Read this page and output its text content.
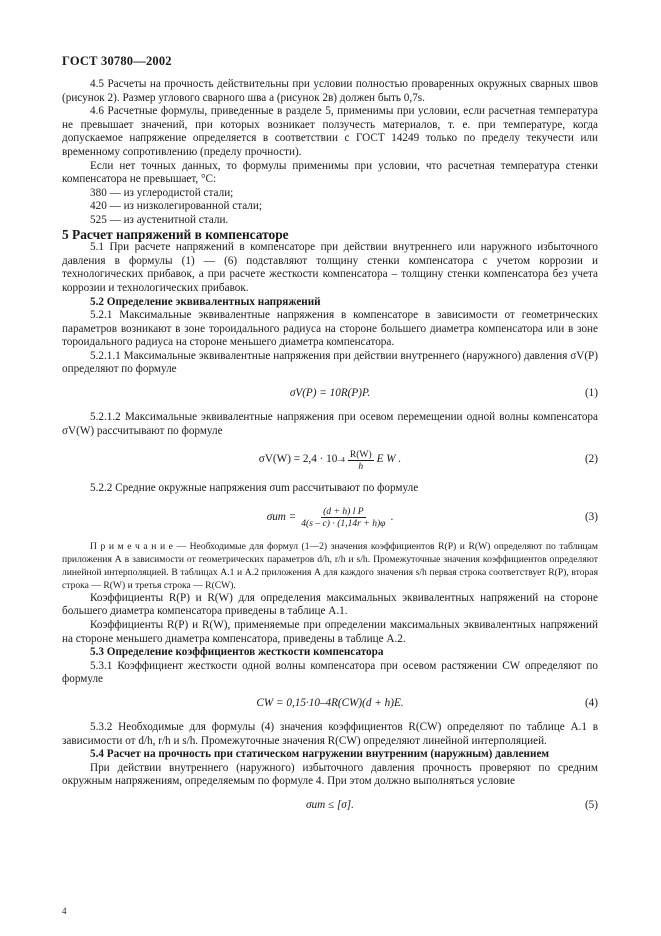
ГОСТ 30780—2002

4.5 Расчеты на прочность действительны при условии полностью проваренных окружных сварных швов (рисунок 2). Размер углового сварного шва a (рисунок 2в) должен быть 0,7s.

4.6 Расчетные формулы, приведенные в разделе 5, применимы при условии, если расчетная температура не превышает значений, при которых возникает ползучесть материалов, т. е. при температуре, когда допускаемое напряжение определяется в соответствии с ГОСТ 14249 только по пределу текучести или временному сопротивлению (пределу прочности).

Если нет точных данных, то формулы применимы при условии, что расчетная температура стенки компенсатора не превышает, °С:

380 — из углеродистой стали;

420 — из низколегированной стали;

525 — из аустенитной стали.

5 Расчет напряжений в компенсаторе

5.1 При расчете напряжений в компенсаторе при действии внутреннего или наружного избыточного давления в формулы (1) — (6) подставляют толщину стенки компенсатора с учетом коррозии и технологических прибавок, а при расчете жесткости компенсатора – толщину стенки компенсатора без учета коррозии и технологических прибавок.

5.2 Определение эквивалентных напряжений

5.2.1 Максимальные эквивалентные напряжения в компенсаторе в зависимости от геометрических параметров возникают в зоне тороидального радиуса на стороне большего диаметра компенсатора или в зоне тороидального радиуса на стороне меньшего диаметра компенсатора.

5.2.1.1 Максимальные эквивалентные напряжения при действии внутреннего (наружного) давления σV(P) определяют по формуле

σV(P) = 10R(P)P.	(1)

5.2.1.2 Максимальные эквивалентные напряжения при осевом перемещении одной волны компенсатора σV(W) рассчитывают по формуле

σV(W) = 2,4 · 10 $-4 \frac{R(W)}{h}$ E W .	(2)

5.2.2 Средние окружные напряжения σum рассчитывают по формуле

$\sigma um = \frac{\text{(d + h) l P}}{4(s - c) \cdot (1,14r + h)\varphi}$ .	(3)

П р и м е ч а н и е — Необходимые для формул (1—2) значения коэффициентов R(P) и R(W) определяют по таблицам приложения А в зависимости от геометрических параметров d/h, r/h и s/h. Промежуточные значения коэффициентов определяют линейной интерполяцией. В таблицах А.1 и А.2 приложения А для каждого значения s/h первая строка соответствует R(P), вторая строка — R(W) и третья строка — R(CW).

Коэффициенты R(P) и R(W) для определения максимальных эквивалентных напряжений на стороне большего диаметра компенсатора приведены в таблице А.1.

Коэффициенты R(P) и R(W), применяемые при определении максимальных эквивалентных напряжений на стороне меньшего диаметра компенсатора, приведены в таблице А.2.

5.3 Определение коэффициентов жесткости компенсатора

5.3.1 Коэффициент жесткости одной волны компенсатора при осевом растяжении CW определяют по формуле

CW = 0,15·10–4R(CW)(d + h)E.	(4)

5.3.2 Необходимые для формулы (4) значения коэффициентов R(CW) определяют по таблице А.1 в зависимости от d/h, r/h и s/h. Промежуточные значения R(CW) определяют линейной интерполяцией.

5.4 Расчет на прочность при статическом нагружении внутренним (наружным) давлением

При действии внутреннего (наружного) избыточного давления прочность проверяют по средним окружным напряжениям, определяемым по формуле 4. При этом должно выполняться условие

σum ≤ [σ].	(5)
4
